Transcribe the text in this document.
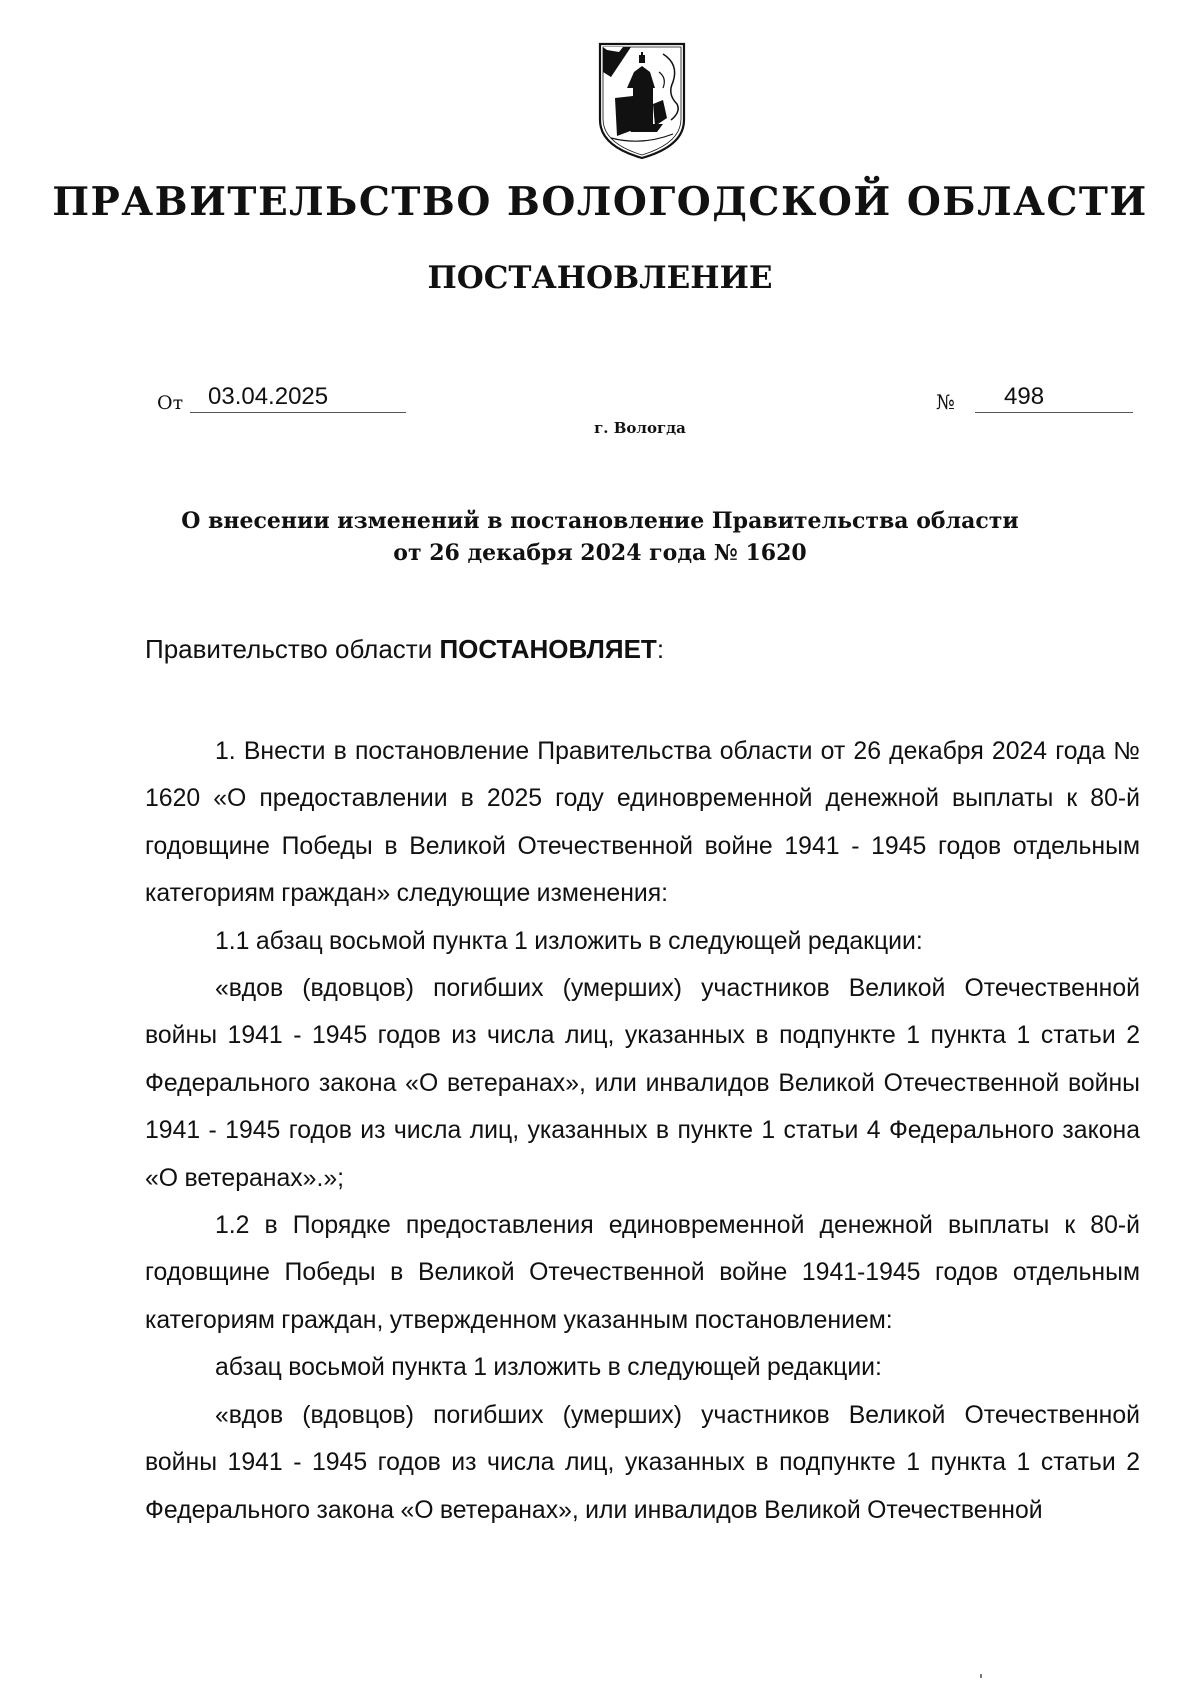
ПРАВИТЕЛЬСТВО ВОЛОГОДСКОЙ ОБЛАСТИ
ПОСТАНОВЛЕНИЕ
От	03.04.2025	№	498
г. Вологда
О внесении изменений в постановление Правительства области
от 26 декабря 2024 года № 1620
Правительство области ПОСТАНОВЛЯЕТ:

1. Внести в постановление Правительства области от 26 декабря 2024 года № 1620 «О предоставлении в 2025 году единовременной денежной выплаты к 80-й годовщине Победы в Великой Отечественной войне 1941 - 1945 годов отдельным категориям граждан» следующие изменения:

1.1 абзац восьмой пункта 1 изложить в следующей редакции:

«вдов (вдовцов) погибших (умерших) участников Великой Отечественной войны 1941 - 1945 годов из числа лиц, указанных в подпункте 1 пункта 1 статьи 2 Федерального закона «О ветеранах», или инвалидов Великой Отечественной войны 1941 - 1945 годов из числа лиц, указанных в пункте 1 статьи 4 Федерального закона «О ветеранах».»;

1.2 в Порядке предоставления единовременной денежной выплаты к 80-й годовщине Победы в Великой Отечественной войне 1941-1945 годов отдельным категориям граждан, утвержденном указанным постановлением:

абзац восьмой пункта 1 изложить в следующей редакции:

«вдов (вдовцов) погибших (умерших) участников Великой Отечественной войны 1941 - 1945 годов из числа лиц, указанных в подпункте 1 пункта 1 статьи 2 Федерального закона «О ветеранах», или инвалидов Великой Отечественной
